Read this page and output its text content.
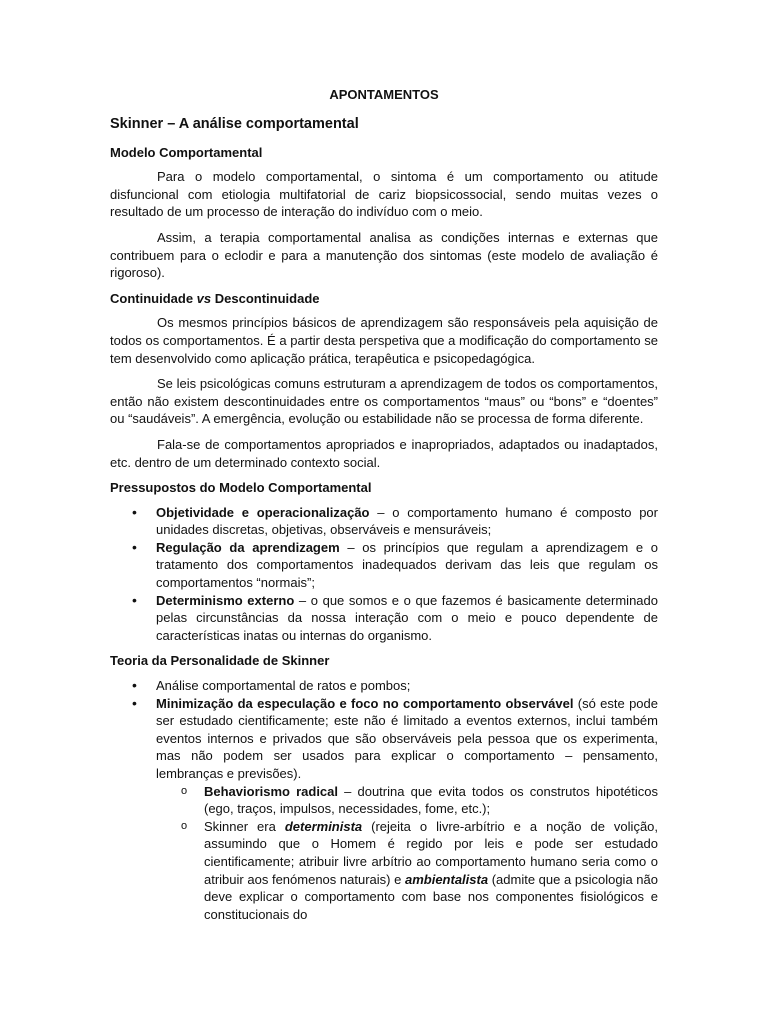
APONTAMENTOS
Skinner – A análise comportamental
Modelo Comportamental

Para o modelo comportamental, o sintoma é um comportamento ou atitude disfuncional com etiologia multifatorial de cariz biopsicossocial, sendo muitas vezes o resultado de um processo de interação do indivíduo com o meio.

Assim, a terapia comportamental analisa as condições internas e externas que contribuem para o eclodir e para a manutenção dos sintomas (este modelo de avaliação é rigoroso).

Continuidade vs Descontinuidade

Os mesmos princípios básicos de aprendizagem são responsáveis pela aquisição de todos os comportamentos. É a partir desta perspetiva que a modificação do comportamento se tem desenvolvido como aplicação prática, terapêutica e psicopedagógica.

Se leis psicológicas comuns estruturam a aprendizagem de todos os comportamentos, então não existem descontinuidades entre os comportamentos “maus” ou “bons” e “doentes” ou “saudáveis”. A emergência, evolução ou estabilidade não se processa de forma diferente.

Fala-se de comportamentos apropriados e inapropriados, adaptados ou inadaptados, etc. dentro de um determinado contexto social.

Pressupostos do Modelo Comportamental
• Objetividade e operacionalização – o comportamento humano é composto por unidades discretas, objetivas, observáveis e mensuráveis;
• Regulação da aprendizagem – os princípios que regulam a aprendizagem e o tratamento dos comportamentos inadequados derivam das leis que regulam os comportamentos “normais”;
• Determinismo externo – o que somos e o que fazemos é basicamente determinado pelas circunstâncias da nossa interação com o meio e pouco dependente de características inatas ou internas do organismo.
Teoria da Personalidade de Skinner
• Análise comportamental de ratos e pombos;
• Minimização da especulação e foco no comportamento observável (só este pode ser estudado cientificamente; este não é limitado a eventos externos, inclui também eventos internos e privados que são observáveis pela pessoa que os experimenta, mas não podem ser usados para explicar o comportamento – pensamento, lembranças e previsões).
o Behaviorismo radical – doutrina que evita todos os construtos hipotéticos (ego, traços, impulsos, necessidades, fome, etc.);
o Skinner era determinista (rejeita o livre-arbítrio e a noção de volição, assumindo que o Homem é regido por leis e pode ser estudado cientificamente; atribuir livre arbítrio ao comportamento humano seria como o atribuir aos fenómenos naturais) e ambientalista (admite que a psicologia não deve explicar o comportamento com base nos componentes fisiológicos e constitucionais do
